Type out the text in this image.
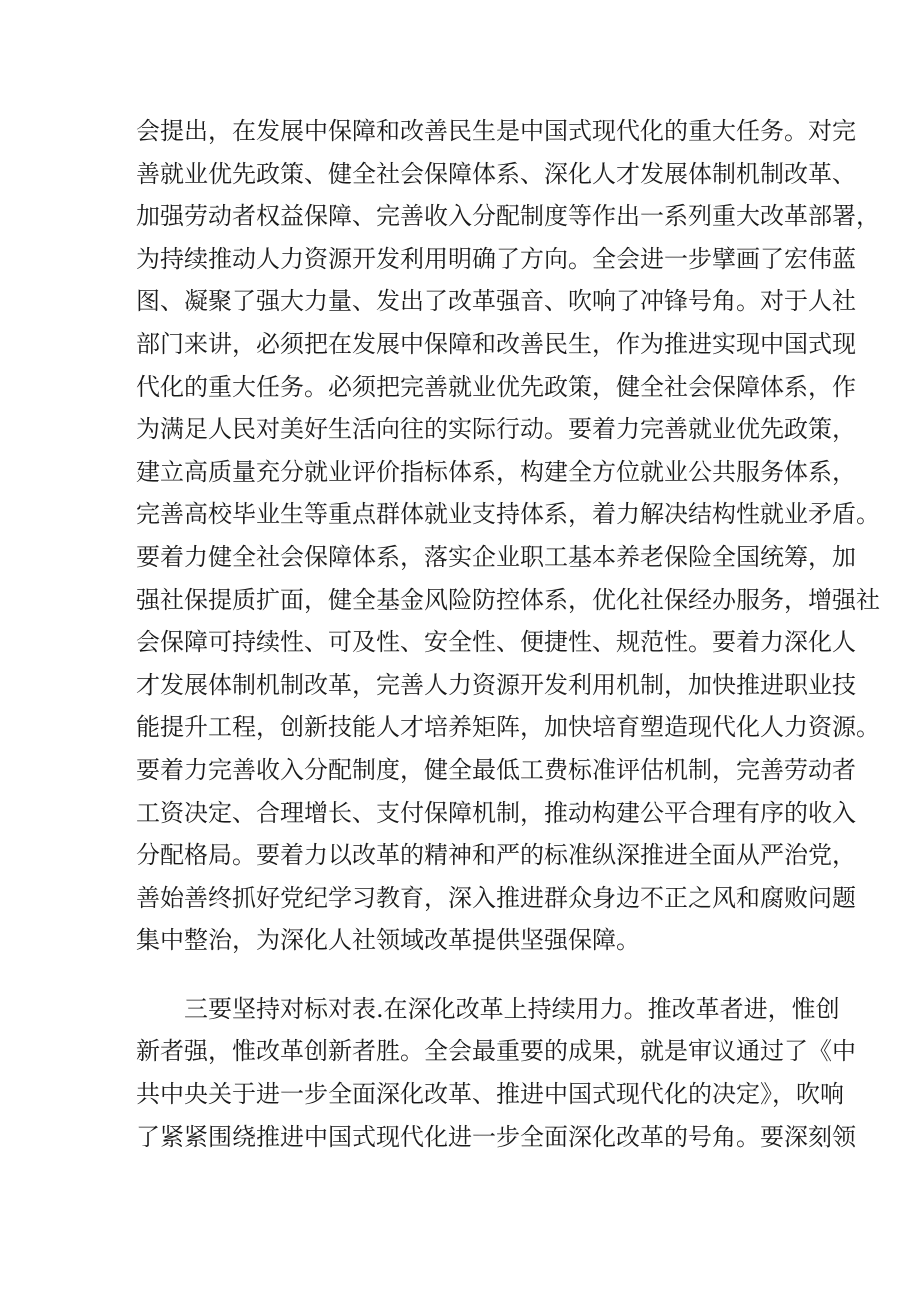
会提出，在发展中保障和改善民生是中国式现代化的重大任务。对完
善就业优先政策、健全社会保障体系、深化人才发展体制机制改革、
加强劳动者权益保障、完善收入分配制度等作出一系列重大改革部署，
为持续推动人力资源开发利用明确了方向。全会进一步擘画了宏伟蓝
图、凝聚了强大力量、发出了改革强音、吹响了冲锋号角。对于人社
部门来讲，必须把在发展中保障和改善民生，作为推进实现中国式现
代化的重大任务。必须把完善就业优先政策，健全社会保障体系，作
为满足人民对美好生活向往的实际行动。要着力完善就业优先政策，
建立高质量充分就业评价指标体系，构建全方位就业公共服务体系，
完善高校毕业生等重点群体就业支持体系，着力解决结构性就业矛盾。
要着力健全社会保障体系，落实企业职工基本养老保险全国统筹，加
强社保提质扩面，健全基金风险防控体系，优化社保经办服务，增强社
会保障可持续性、可及性、安全性、便捷性、规范性。要着力深化人
才发展体制机制改革，完善人力资源开发利用机制，加快推进职业技
能提升工程，创新技能人才培养矩阵，加快培育塑造现代化人力资源。
要着力完善收入分配制度，健全最低工费标准评估机制，完善劳动者
工资决定、合理增长、支付保障机制，推动构建公平合理有序的收入
分配格局。要着力以改革的精神和严的标准纵深推进全面从严治党，
善始善终抓好党纪学习教育，深入推进群众身边不正之风和腐败问题
集中整治，为深化人社领域改革提供坚强保障。
三要坚持对标对表.在深化改革上持续用力。推改革者进，惟创
新者强，惟改革创新者胜。全会最重要的成果，就是审议通过了《中
共中央关于进一步全面深化改革、推进中国式现代化的决定》，吹响
了紧紧围绕推进中国式现代化进一步全面深化改革的号角。要深刻领
